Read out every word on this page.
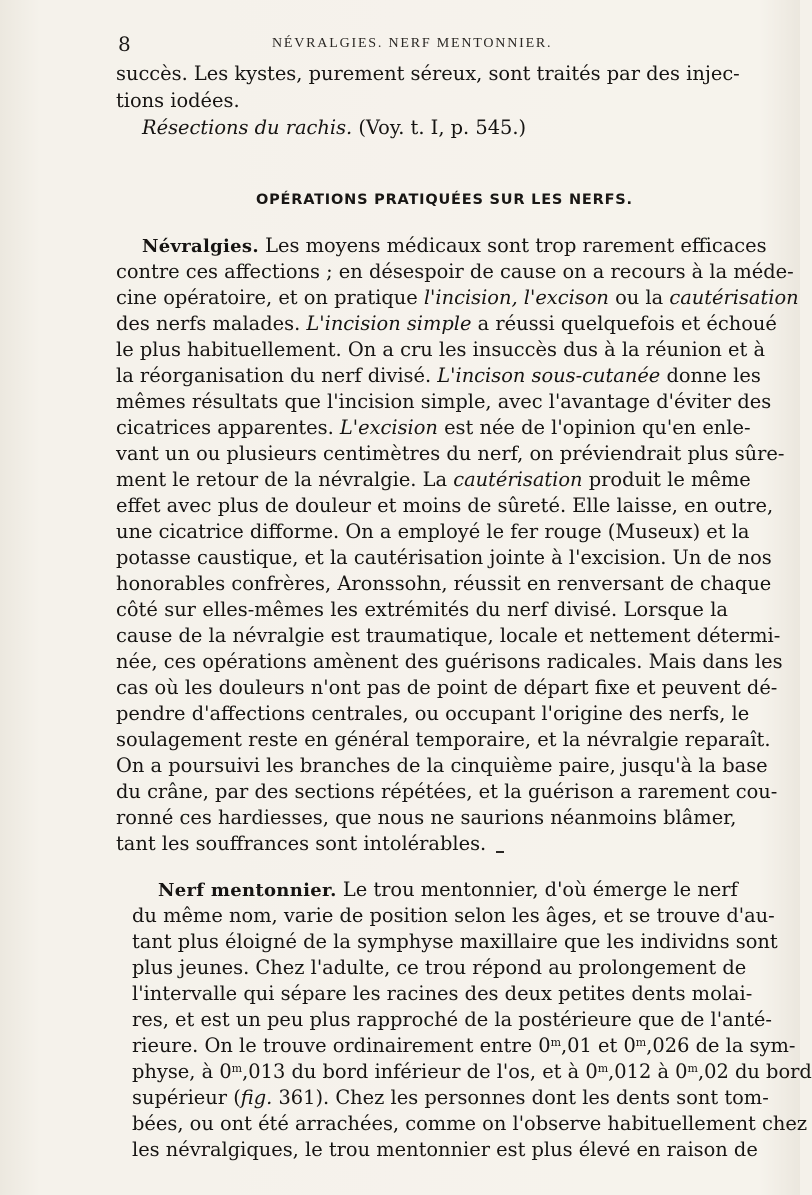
8	NÉVRALGIES. NERF MENTONNIER.
succès. Les kystes, purement séreux, sont traités par des injec-
tions iodées.
Résections du rachis. (Voy. t. I, p. 545.)
OPÉRATIONS PRATIQUÉES SUR LES NERFS.
Névralgies. Les moyens médicaux sont trop rarement efficaces
contre ces affections ; en désespoir de cause on a recours à la méde-
cine opératoire, et on pratique l'incision, l'excison ou la cautérisation
des nerfs malades. L'incision simple a réussi quelquefois et échoué
le plus habituellement. On a cru les insuccès dus à la réunion et à
la réorganisation du nerf divisé. L'incison sous-cutanée donne les
mêmes résultats que l'incision simple, avec l'avantage d'éviter des
cicatrices apparentes. L'excision est née de l'opinion qu'en enle-
vant un ou plusieurs centimètres du nerf, on préviendrait plus sûre-
ment le retour de la névralgie. La cautérisation produit le même
effet avec plus de douleur et moins de sûreté. Elle laisse, en outre,
une cicatrice difforme. On a employé le fer rouge (Museux) et la
potasse caustique, et la cautérisation jointe à l'excision. Un de nos
honorables confrères, Aronssohn, réussit en renversant de chaque
côté sur elles-mêmes les extrémités du nerf divisé. Lorsque la
cause de la névralgie est traumatique, locale et nettement détermi-
née, ces opérations amènent des guérisons radicales. Mais dans les
cas où les douleurs n'ont pas de point de départ fixe et peuvent dé-
pendre d'affections centrales, ou occupant l'origine des nerfs, le
soulagement reste en général temporaire, et la névralgie reparaît.
On a poursuivi les branches de la cinquième paire, jusqu'à la base
du crâne, par des sections répétées, et la guérison a rarement cou-
ronné ces hardiesses, que nous ne saurions néanmoins blâmer,
tant les souffrances sont intolérables.
Nerf mentonnier. Le trou mentonnier, d'où émerge le nerf
du même nom, varie de position selon les âges, et se trouve d'au-
tant plus éloigné de la symphyse maxillaire que les individns sont
plus jeunes. Chez l'adulte, ce trou répond au prolongement de
l'intervalle qui sépare les racines des deux petites dents molai-
res, et est un peu plus rapproché de la postérieure que de l'anté-
rieure. On le trouve ordinairement entre 0$^m$,01 et 0$^m$,026 de la sym-
physe, à 0$^m$,013 du bord inférieur de l'os, et à 0$^m$,012 à 0$^m$,02 du bord
supérieur (fig. 361). Chez les personnes dont les dents sont tom-
bées, ou ont été arrachées, comme on l'observe habituellement chez
les névralgiques, le trou mentonnier est plus élevé en raison de
